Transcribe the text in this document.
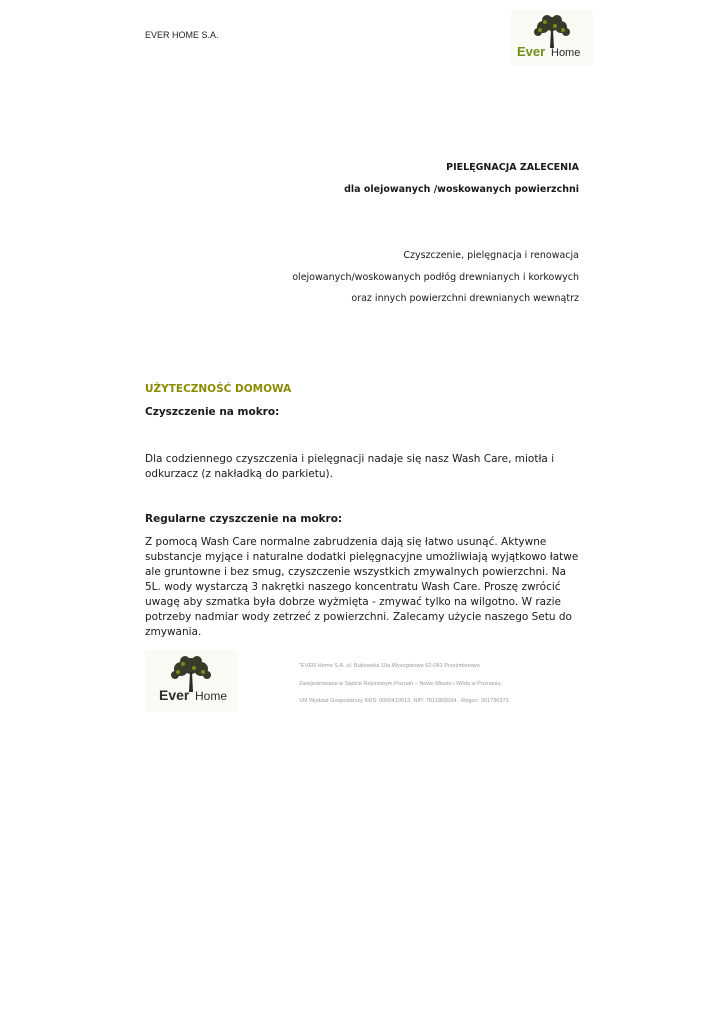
EVER HOME S.A.
Ever Home
PIELĘGNACJA ZALECENIA
dla olejowanych /woskowanych powierzchni
Czyszczenie, pielęgnacja i renowacja
olejowanych/woskowanych podłóg drewnianych i korkowych
oraz innych powierzchni drewnianych wewnątrz
UŻYTECZNOŚĆ DOMOWA
Czyszczenie na mokro:
Dla codziennego czyszczenia i pielęgnacji nadaje się nasz Wash Care, miotła i odkurzacz (z nakładką do parkietu).
Regularne czyszczenie na mokro:
Z pomocą Wash Care normalne zabrudzenia dają się łatwo usunąć. Aktywne substancje myjące i naturalne dodatki pielęgnacyjne umożliwiają wyjątkowo łatwe ale gruntowne i bez smug, czyszczenie wszystkich zmywalnych powierzchni. Na 5L. wody wystarczą 3 nakrętki naszego koncentratu Wash Care. Proszę zwrócić uwagę aby szmatka była dobrze wyżmięta - zmywać tylko na wilgotno. W razie potrzeby nadmiar wody zetrzeć z powierzchni. Zalecamy użycie naszego Setu do zmywania.
Ever Home
"EVER Home S.A. ul. Bukowska 10a Wysogotowo 62-081 Przeźmierowo
Zarejestrowane w Sądzie Rejonowym Poznań – Nowe Miasto i Wilda w Poznaniu,
VIII Wydział Gospodarczy KRS: 0000419513, NIP: 7811865594 , Regon: 301736372.
